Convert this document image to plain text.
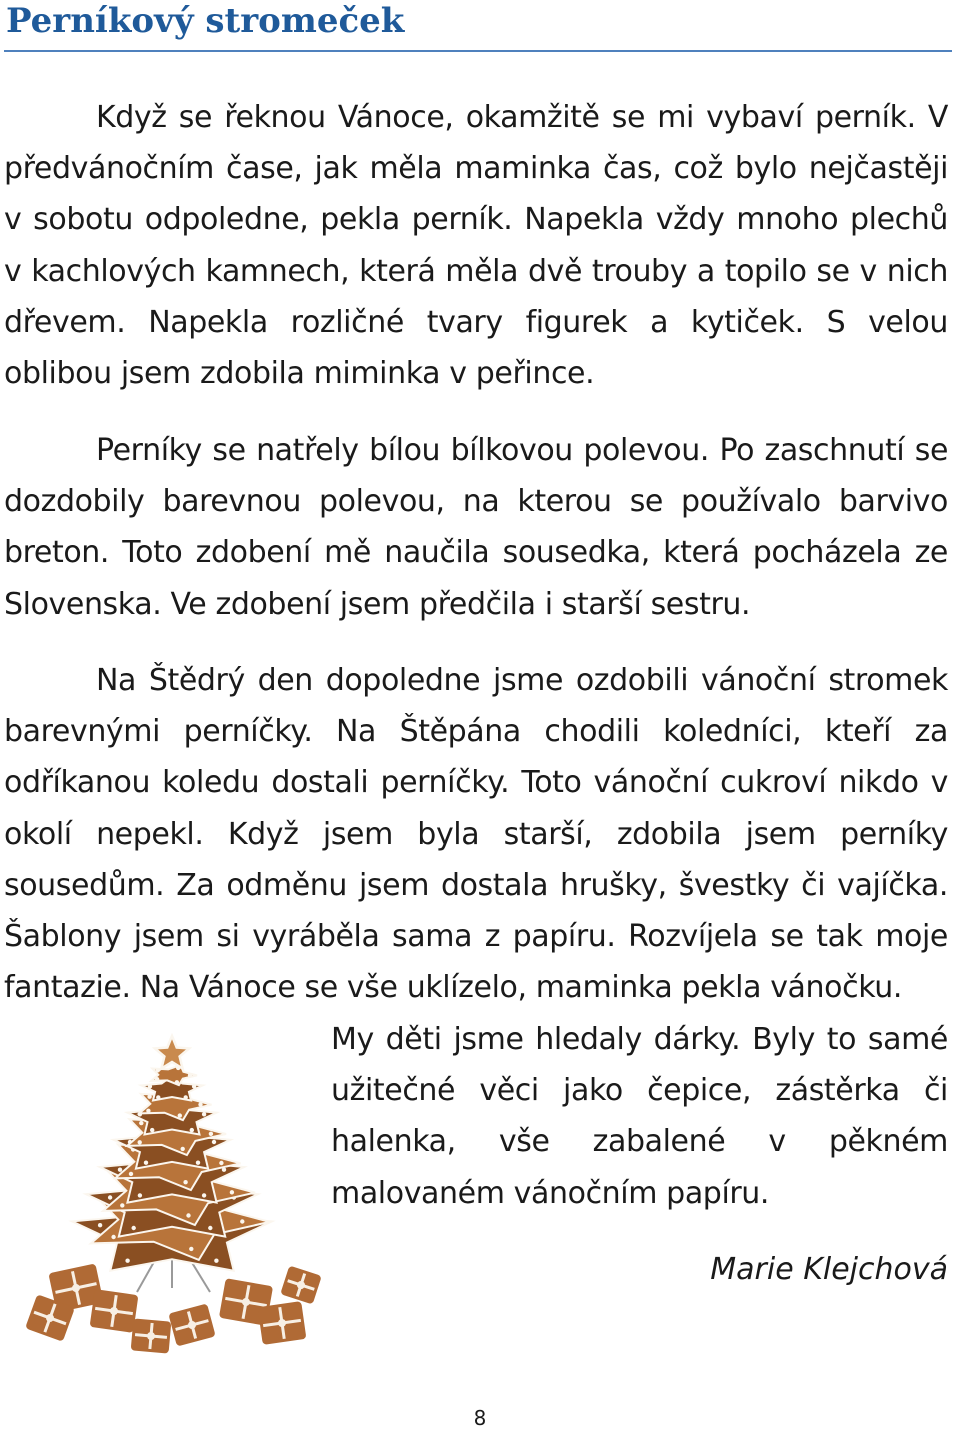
Perníkový stromeček

Když se řeknou Vánoce, okamžitě se mi vybaví perník. V předvánočním čase, jak měla maminka čas, což bylo nejčastěji v sobotu odpoledne, pekla perník. Napekla vždy mnoho plechů v kachlových kamnech, která měla dvě trouby a topilo se v nich dřevem. Napekla rozličné tvary figurek a kytiček. S velou oblibou jsem zdobila miminka v peřince.

Perníky se natřely bílou bílkovou polevou. Po zaschnutí se dozdobily barevnou polevou, na kterou se používalo barvivo breton. Toto zdobení mě naučila sousedka, která pocházela ze Slovenska. Ve zdobení jsem předčila i starší sestru.

Na Štědrý den dopoledne jsme ozdobili vánoční stromek barevnými perníčky. Na Štěpána chodili koledníci, kteří za odříkanou koledu dostali perníčky. Toto vánoční cukroví nikdo v okolí nepekl. Když jsem byla starší, zdobila jsem perníky sousedům. Za odměnu jsem dostala hrušky, švestky či vajíčka. Šablony jsem si vyráběla sama z papíru. Rozvíjela se tak moje fantazie. Na Vánoce se vše uklízelo, maminka pekla vánočku.

My děti jsme hledaly dárky. Byly to samé užitečné věci jako čepice, zástěrka či halenka, vše zabalené v pěkném malovaném vánočním papíru.

Marie Klejchová

8
